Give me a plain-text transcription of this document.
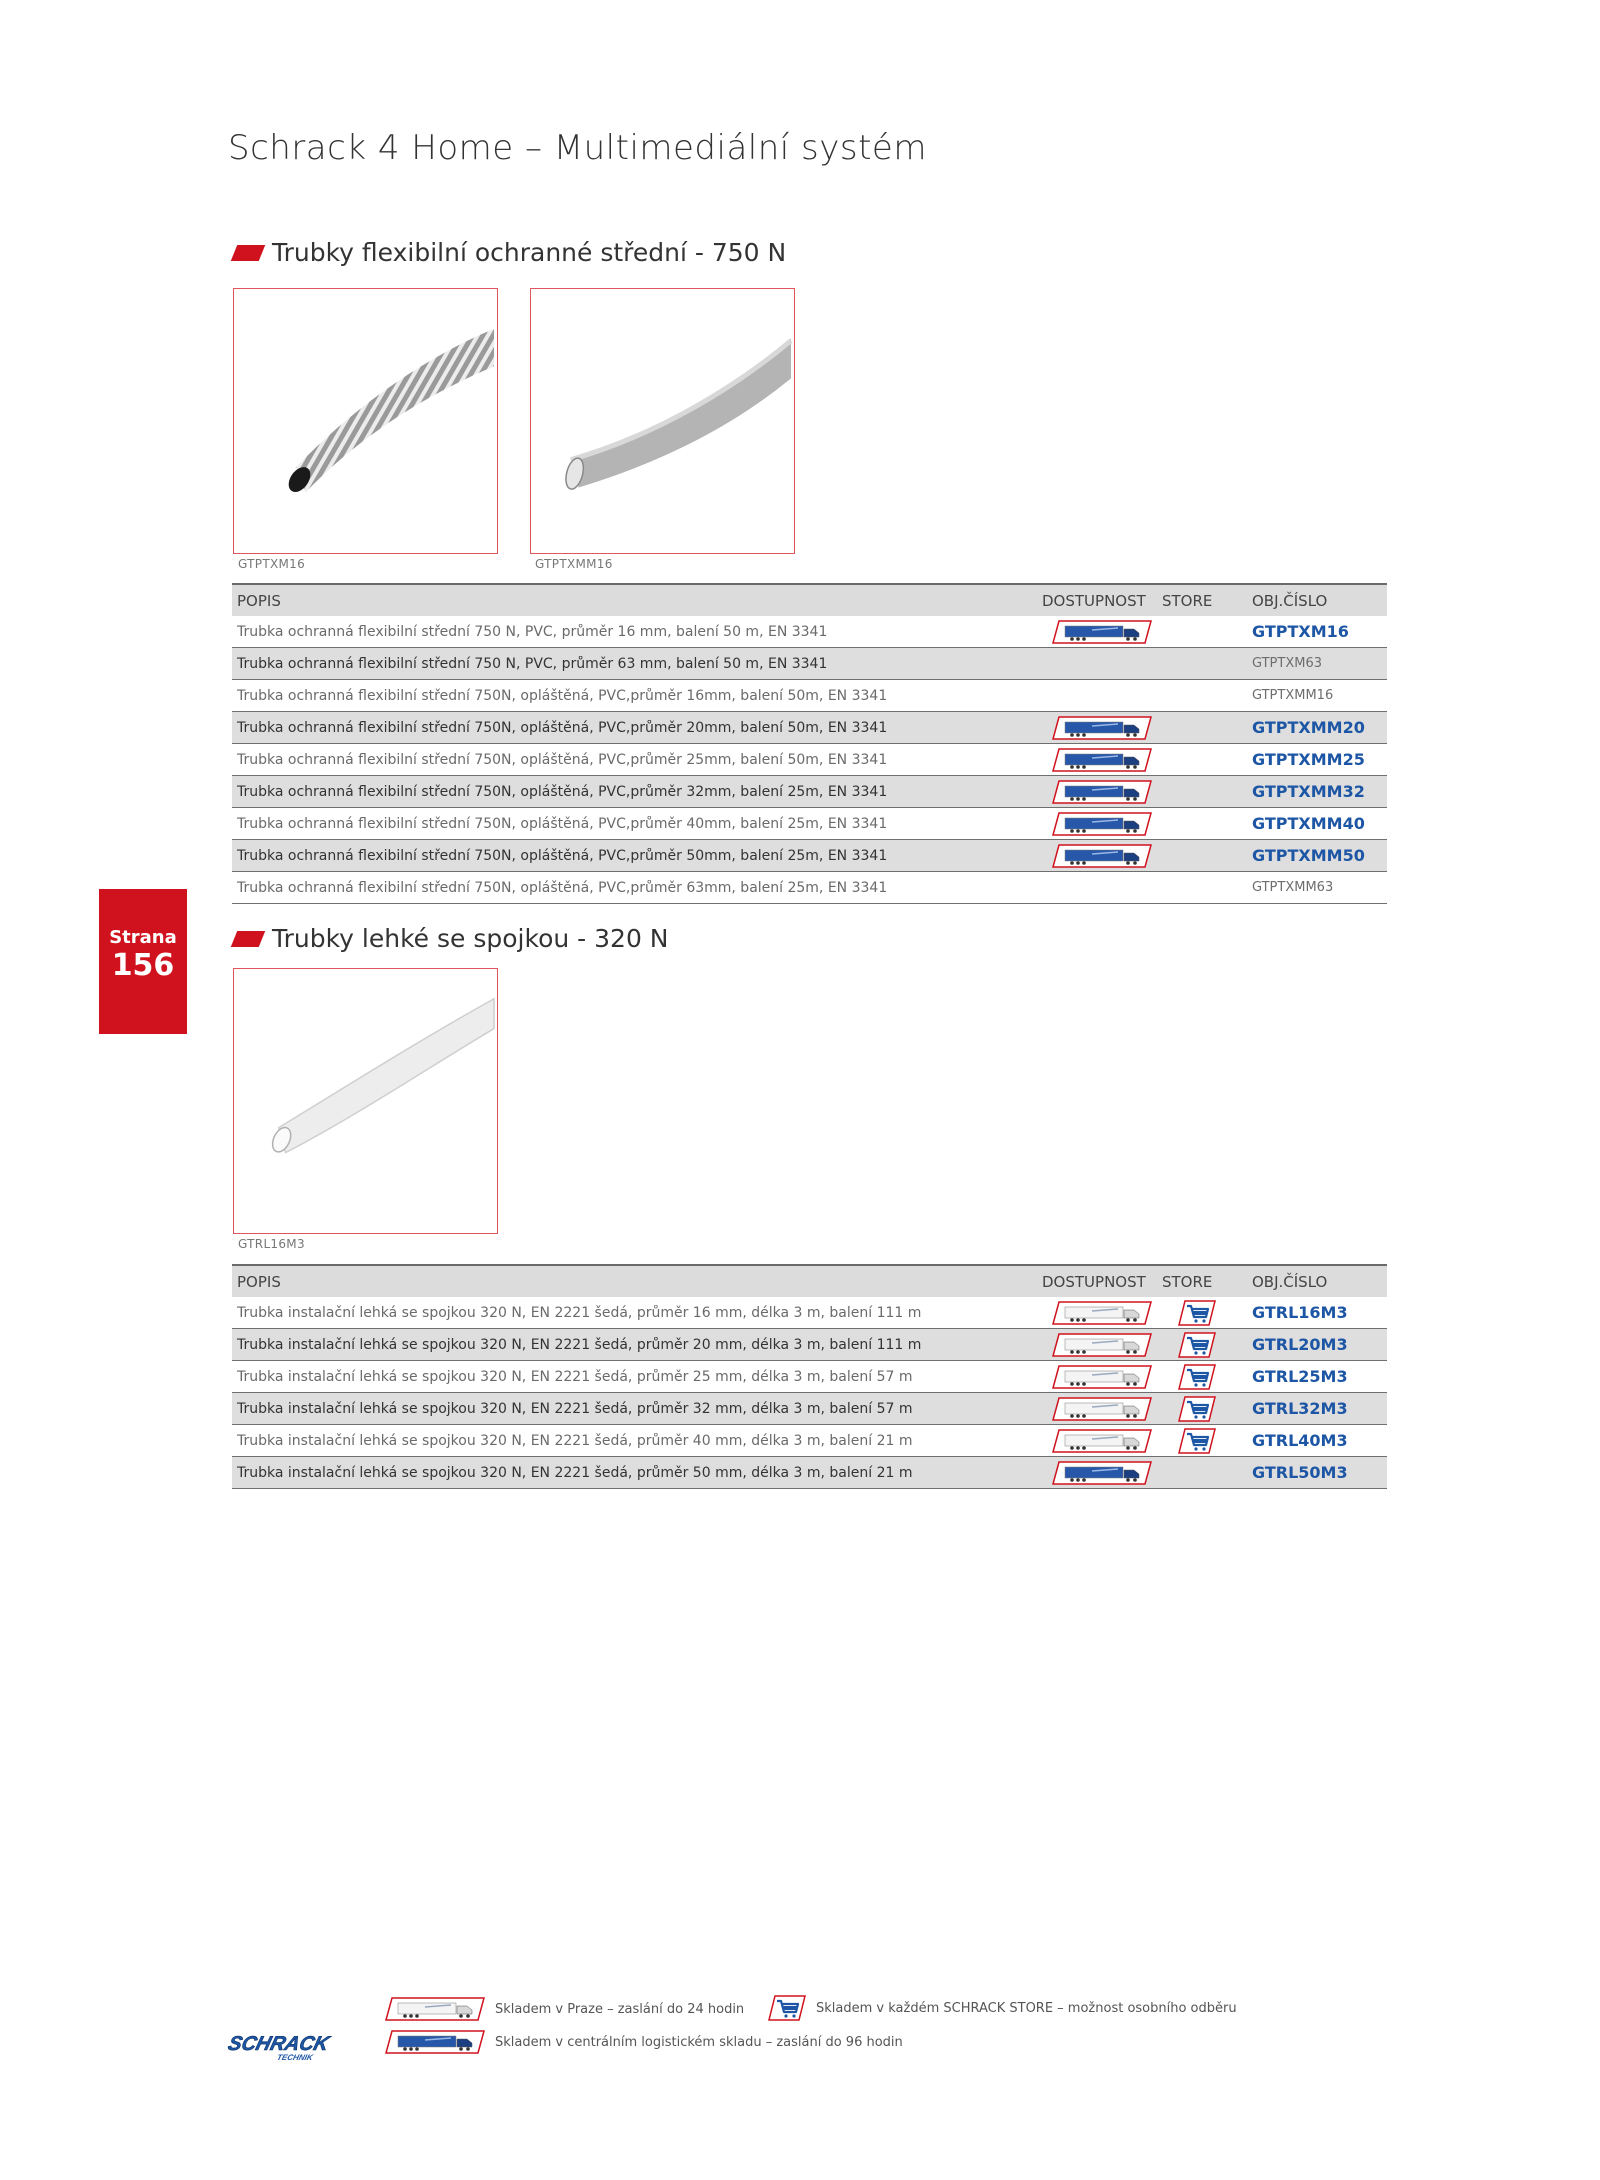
Schrack 4 Home – Multimediální systém
Strana
156
Trubky flexibilní ochranné střední - 750 N
GTPTXM16	GTPTXMM16
POPIS	DOSTUPNOST	STORE	OBJ.ČÍSLO
Trubka ochranná flexibilní střední 750 N, PVC, průměr 16 mm, balení 50 m, EN 3341	GTPTXM16
Trubka ochranná flexibilní střední 750 N, PVC, průměr 63 mm, balení 50 m, EN 3341	GTPTXM63
Trubka ochranná flexibilní střední 750N, opláštěná, PVC,průměr 16mm, balení 50m, EN 3341	GTPTXMM16
Trubka ochranná flexibilní střední 750N, opláštěná, PVC,průměr 20mm, balení 50m, EN 3341	GTPTXMM20
Trubka ochranná flexibilní střední 750N, opláštěná, PVC,průměr 25mm, balení 50m, EN 3341	GTPTXMM25
Trubka ochranná flexibilní střední 750N, opláštěná, PVC,průměr 32mm, balení 25m, EN 3341	GTPTXMM32
Trubka ochranná flexibilní střední 750N, opláštěná, PVC,průměr 40mm, balení 25m, EN 3341	GTPTXMM40
Trubka ochranná flexibilní střední 750N, opláštěná, PVC,průměr 50mm, balení 25m, EN 3341	GTPTXMM50
Trubka ochranná flexibilní střední 750N, opláštěná, PVC,průměr 63mm, balení 25m, EN 3341	GTPTXMM63
Trubky lehké se spojkou - 320 N
GTRL16M3
POPIS	DOSTUPNOST	STORE	OBJ.ČÍSLO
Trubka instalační lehká se spojkou 320 N, EN 2221 šedá, průměr 16 mm, délka 3 m, balení 111 m	GTRL16M3
Trubka instalační lehká se spojkou 320 N, EN 2221 šedá, průměr 20 mm, délka 3 m, balení 111 m	GTRL20M3
Trubka instalační lehká se spojkou 320 N, EN 2221 šedá, průměr 25 mm, délka 3 m, balení 57 m	GTRL25M3
Trubka instalační lehká se spojkou 320 N, EN 2221 šedá, průměr 32 mm, délka 3 m, balení 57 m	GTRL32M3
Trubka instalační lehká se spojkou 320 N, EN 2221 šedá, průměr 40 mm, délka 3 m, balení 21 m	GTRL40M3
Trubka instalační lehká se spojkou 320 N, EN 2221 šedá, průměr 50 mm, délka 3 m, balení 21 m	GTRL50M3
Skladem v Praze – zaslání do 24 hodin
Skladem v centrálním logistickém skladu – zaslání do 96 hodin
Skladem v každém SCHRACK STORE – možnost osobního odběru
SCHRACK
TECHNIK
